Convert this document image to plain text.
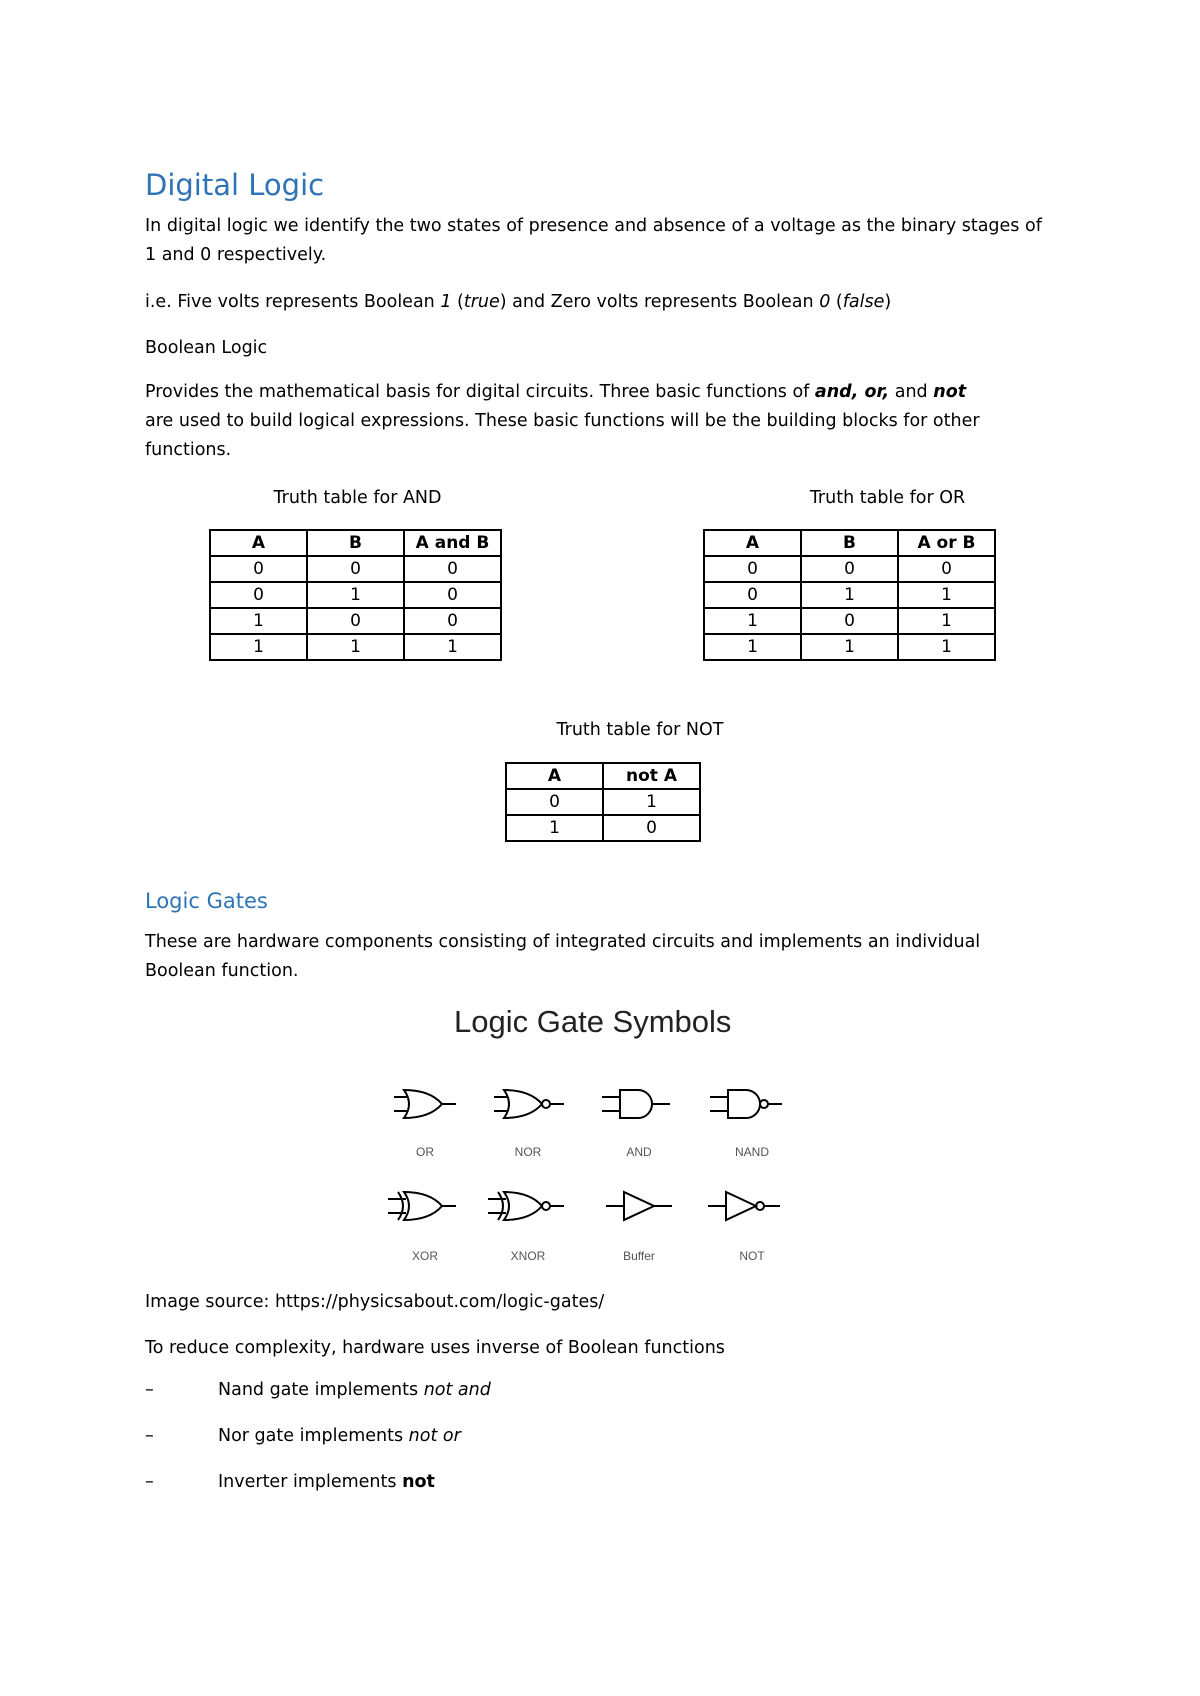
Digital Logic

In digital logic we identify the two states of presence and absence of a voltage as the binary stages of
1 and 0 respectively.

i.e. Five volts represents Boolean 1 (true) and Zero volts represents Boolean 0 (false)

Boolean Logic

Provides the mathematical basis for digital circuits. Three basic functions of and, or, and not are used to build logical expressions. These basic functions will be the building blocks for other functions.

Truth table for AND
A	B	A and B
0	0	0
0	1	0
1	0	0
1	1	1
Truth table for OR
A	B	A or B
0	0	0
0	1	1
1	0	1
1	1	1
Truth table for NOT
A	not A
0	1
1	0
Logic Gates

These are hardware components consisting of integrated circuits and implements an individual Boolean function.

Logic Gate Symbols
OR	NOR	AND	NAND
XOR	XNOR	Buffer	NOT

Image source: https://physicsabout.com/logic-gates/

To reduce complexity, hardware uses inverse of Boolean functions

–	Nand gate implements not and
–	Nor gate implements not or
–	Inverter implements not
